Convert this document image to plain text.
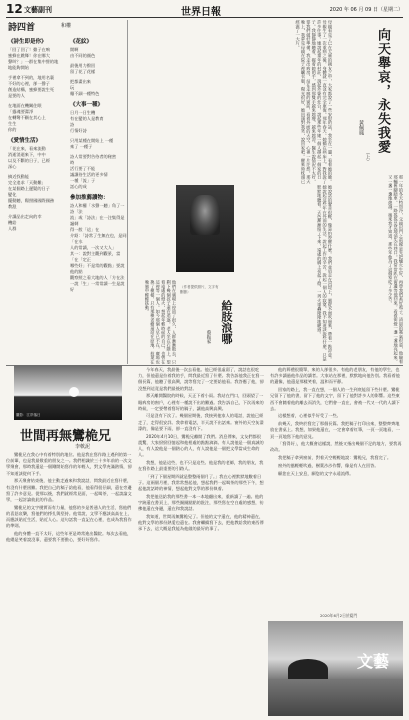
12 文藝副刊	世界日報	2020 年 06 月 09 日（星期二）
詩四首	和權
《詩生即是你》
「回了回了！雞子在鳴
蜜蜂在跳舞！你在哪大
聲叫？」一群在集中營的地
地能夠開始
手裡拿不到的，地用名裏
不好的心裡，卻一聲子
創造結構，蜜蜂要說生死
是要的人
在地面在機關住眠
「靈魂要潔淨
在轉彎不顧在其心上
生生
你的
《愛情生活》
「花在來，看來流動
消逝消逝來下，中中
以及不斷的日子，已經
深心
摘近找動能
完全追求「天動難」
在某個路上遲疑的日子
變化
擺動聽，陽照國國際國務
教派
介讀品出走向的幸
機給
人群
《花紋》
開啊
由不同的顏色
最後用力撥回
留了花了花樣
把都畫出來
玩
繃不細一種特色
《大事一種》
日月一日生機
有在變的人是教育
詩
行情好詩
只用某種在開始上 一種
來了 一種子
詩人常要對告待者的秘密
時
活行要了不能
議讓待生活的更多情
一種「流」子
話心的成
參加推薦讀物：
詩人和權「水聲一聽」角了一詩「法
流」或「詩法」在一注集得是諷刺
得一般「這」在
介紹：「詩常了生無在也，是同「在水
人的常讀，一次又大人」
其一：說對主觀到觀景，當「在「定正
哪些好」不是常的觀點」要說他的點
觀察照之看大地的人「方在法
一說「生」一常常讀一生是說好
母親看見了已在大量的親友之中，大家都說了一些安慰的話，我坐在一邊，看着她的臉。母親生了一次重病之後，身體就一直沒有完全康復。那年春天，她躺在病床上，對我說了許多往事。她說起童年的村莊，說起外婆的灶台，說起那些年她一個人撐起一個家的日子。我靜靜地聽着，握着她的手，感到那雙手越來越瘦，越來越涼。醫生說情況不太好，要我們做好準備。我走出病房，站在走廊的窗前，看着外面的天空，心裡一片茫然。那天晚上，我夢見母親在院子裡曬衣服，陽光很好，她回頭對我笑，說回家吧。醒來時枕頭已經濕了一大片。	向天舉哀，永失我愛
（上）
黃佩鳳
那一年的冬天特別冷，父親出門之前總是先把爐火生好，再替我們蓋好被子。清晨的霧氣很重，他騎着那輛舊腳踏車，一路搖搖晃晃地消失在巷口。我常常趴在窗邊等他回來，看着街燈一盞一盞地亮起來，又一盞一盞地熄滅。後來我才知道，那些年他為了這個家吃了多少苦。
她說話的聲音很輕，像是怕吵醒什麼。我們並肩走在河堤上，風從水面吹過來，帶着一點涼意。她說起這些年在外面的生活，說起工作的辛苦，說起一個人的寂寞。我不知道該說些什麼，只是默默地聽着。天色漸漸暗了下來，遠處的橋上亮起了燈，一列火車轟隆隆地駛過。
他們在廣場上停留了很久，人群漸漸散去，只剩下幾個孩子還在追逐。老人坐在石階上，望着遠處的燈火，想起年輕時候的自己，也曾在這裡等一個人。如今那個人早已不在，廣場也換了模樣，只有那棵老樹還站在原地，枝葉在晚風中輕輕搖動。
給肢浪哪
蔡振家
（作者提供照片，文字有刪節）
攝影：江岸落日
世間再無鸞桅兄
李軟泥
鸞桅兄在我心中有着特別的地位。他是我在寫作路上遇到的第一位前輩，也是我最敬重的朋友之一。我們相識於三十多年前的一次文學聚會，那時我還是一個剛開始寫作的年輕人，對文學充滿熱情，卻不知道該從何下手。
那天聚會結束後，他主動走過來和我說話，問我最近在寫什麼，有沒有什麼困難。我把自己的稿子給他看，他看得很仔細，還在旁邊寫了許多意見。從那以後，我們就經常見面，一起喝茶，一起談論文學，一起討論彼此的作品。
鸞桅兄的文字樸實而有力量，他寫的多是普通人的生活，寫他們的喜怒哀樂，寫他們的掙扎與堅持。他常說，文學不應該高高在上，而應該貼近生活，貼近人心。這句話我一直記在心裡，也成為我寫作的準則。
他的身體一直不太好，這些年更是時常進出醫院。每次去看他，他總是笑着說沒事，還要我不要擔心，要好好寫作。
今年春天，我最後一次去看他。他已經很虛弱了，說話也很吃力，但他還是拉着我的手，問我最近寫了什麼。我告訴他我正在寫一個長篇，他聽了很高興，說等寫完了一定要給他看。我答應了他，卻沒想到這竟是我們最後的對話。
那天離開醫院的時候，天正下着小雨。我站在門口，回頭望了一眼病房的窗戶，心裡有一種說不出的難過。我告訴自己，下次再來的時候，一定要帶着寫好的稿子，讓他高興高興。
可是沒有下次了。幾個星期後，我接到他家人的電話，說他已經走了，走得很安詳。我拿着電話，半天說不出話來。窗外的天空灰濛濛的，像是要下雨，卻一直沒有下。
2020年4月10日，鸞桅兄離開了我們。消息傳來，文友們都很震驚，大家紛紛回憶起和他相處的點點滴滴。有人說他是一個真誠的人，有人說他是一個熱心的人，有人說他是一個把文學當成生命的人。
我想，他是這些，也不只是這些。他是我的老師，我的朋友，我在寫作路上最重要的引路人。
「到了下個星期四就是整整兩個月了。」我在心裡默默地數着日子。這兩個月裡，我常常想起他，想起我們一起喝茶的那些下午，想起他說話時的神情，想起他對文學的那份執着。
我把他送給我的那些書一本一本地翻出來，重新讀了一遍。他的字跡還在書頁上，那些圈圈點點的批注，那些寫在空白處的感想，彷彿他還在身邊，還在和我說話。
我知道，世間再無鸞桅兄了。但他的文字還在，他的精神還在，他對文學的那份熱愛也還在。我會繼續寫下去，把他教給我的東西傳承下去，這大概是我能為他做的最好的事了。
他的葬禮很簡單，來的人卻很多。有他的老朋友，有他的學生，也有許多讀過他作品的讀者。大家站在那裡，默默地向他告別。我看着他的遺像，他還是那樣笑着，溫和而平靜。
回家的路上，我一直在想，一個人的一生到底能留下些什麼。鸞桅兄留下了他的書，留下了他的文字，留下了他對許多人的影響。這些東西不會隨着他的離去而消失，它們會一直在，會被一代又一代的人讀下去。
這樣想着，心裡似乎好受了一些。
前幾天，我終於寫完了那個長篇。我把稿子打印出來，整整齊齊地放在書桌上。我想，如果他還在，一定會拿着紅筆，一頁一頁地看，一頁一頁地寫下他的意見。
「寫得好」，他大概會這樣說，然後又指出幾個不足的地方，要我再改改。
我把稿子拿到窗前，對着天空輕輕地說：鸞桅兄，我寫完了。
窗外的風輕輕吹過，樹葉沙沙作響，像是有人在回答。
願您在天上安息，願您的文字永遠流傳。
2020年6月2日於廈門
文藝
